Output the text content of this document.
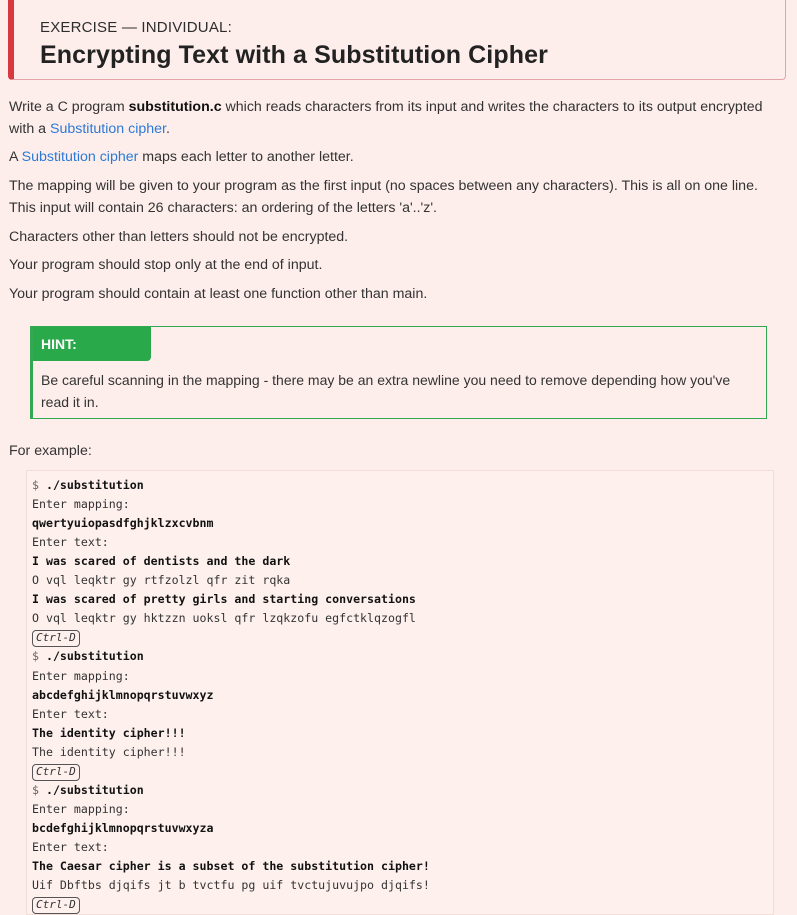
EXERCISE — INDIVIDUAL:
Encrypting Text with a Substitution Cipher
Write a C program substitution.c which reads characters from its input and writes the characters to its output encrypted with a Substitution cipher.
A Substitution cipher maps each letter to another letter.
The mapping will be given to your program as the first input (no spaces between any characters). This is all on one line. This input will contain 26 characters: an ordering of the letters 'a'..'z'.
Characters other than letters should not be encrypted.
Your program should stop only at the end of input.
Your program should contain at least one function other than main.
HINT:
Be careful scanning in the mapping - there may be an extra newline you need to remove depending how you've read it in.
For example:
$ ./substitution
Enter mapping:
qwertyuiopasdfghjklzxcvbnm
Enter text:
I was scared of dentists and the dark
O vql leqktr gy rtfzolzl qfr zit rqka
I was scared of pretty girls and starting conversations
O vql leqktr gy hktzzn uoksl qfr lzqkzofu egfctklqzogfl
Ctrl-D
$ ./substitution
Enter mapping:
abcdefghijklmnopqrstuvwxyz
Enter text:
The identity cipher!!!
The identity cipher!!!
Ctrl-D
$ ./substitution
Enter mapping:
bcdefghijklmnopqrstuvwxyza
Enter text:
The Caesar cipher is a subset of the substitution cipher!
Uif Dbftbs djqifs jt b tvctfu pg uif tvctujuvujpo djqifs!
Ctrl-D
